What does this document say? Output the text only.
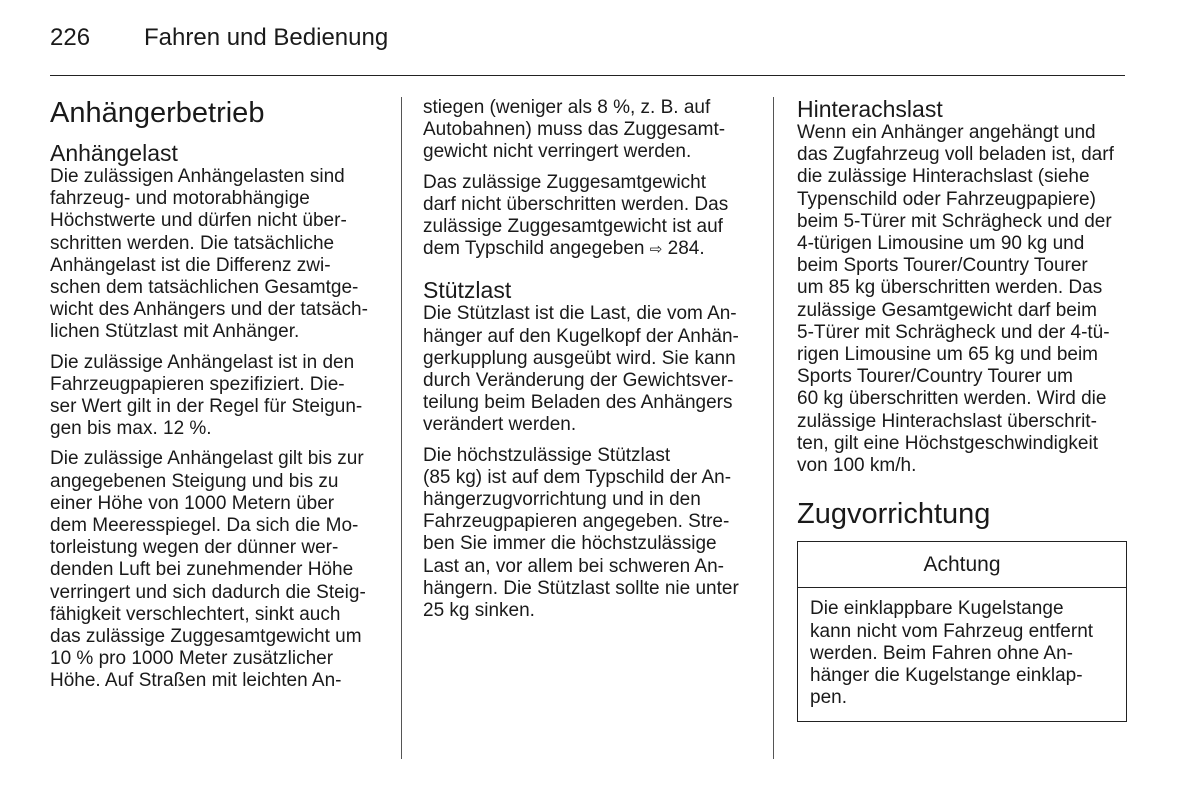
226 Fahren und Bedienung
Anhängerbetrieb
Anhängelast

Die zulässigen Anhängelasten sind
fahrzeug- und motorabhängige
Höchstwerte und dürfen nicht über-
schritten werden. Die tatsächliche
Anhängelast ist die Differenz zwi-
schen dem tatsächlichen Gesamtge-
wicht des Anhängers und der tatsäch-
lichen Stützlast mit Anhänger.

Die zulässige Anhängelast ist in den
Fahrzeugpapieren spezifiziert. Die-
ser Wert gilt in der Regel für Steigun-
gen bis max. 12 %.

Die zulässige Anhängelast gilt bis zur
angegebenen Steigung und bis zu
einer Höhe von 1000 Metern über
dem Meeresspiegel. Da sich die Mo-
torleistung wegen der dünner wer-
denden Luft bei zunehmender Höhe
verringert und sich dadurch die Steig-
fähigkeit verschlechtert, sinkt auch
das zulässige Zuggesamtgewicht um
10 % pro 1000 Meter zusätzlicher
Höhe. Auf Straßen mit leichten An-

stiegen (weniger als 8 %, z. B. auf
Autobahnen) muss das Zuggesamt-
gewicht nicht verringert werden.

Das zulässige Zuggesamtgewicht
darf nicht überschritten werden. Das
zulässige Zuggesamtgewicht ist auf
dem Typschild angegeben ⇨ 284.

Stützlast

Die Stützlast ist die Last, die vom An-
hänger auf den Kugelkopf der Anhän-
gerkupplung ausgeübt wird. Sie kann
durch Veränderung der Gewichtsver-
teilung beim Beladen des Anhängers
verändert werden.

Die höchstzulässige Stützlast
(85 kg) ist auf dem Typschild der An-
hängerzugvorrichtung und in den
Fahrzeugpapieren angegeben. Stre-
ben Sie immer die höchstzulässige
Last an, vor allem bei schweren An-
hängern. Die Stützlast sollte nie unter
25 kg sinken.

Hinterachslast

Wenn ein Anhänger angehängt und
das Zugfahrzeug voll beladen ist, darf
die zulässige Hinterachslast (siehe
Typenschild oder Fahrzeugpapiere)
beim 5-Türer mit Schrägheck und der
4-türigen Limousine um 90 kg und
beim Sports Tourer/Country Tourer
um 85 kg überschritten werden. Das
zulässige Gesamtgewicht darf beim
5-Türer mit Schrägheck und der 4-tü-
rigen Limousine um 65 kg und beim
Sports Tourer/Country Tourer um
60 kg überschritten werden. Wird die
zulässige Hinterachslast überschrit-
ten, gilt eine Höchstgeschwindigkeit
von 100 km/h.

Zugvorrichtung
Achtung
Die einklappbare Kugelstange
kann nicht vom Fahrzeug entfernt
werden. Beim Fahren ohne An-
hänger die Kugelstange einklap-
pen.
